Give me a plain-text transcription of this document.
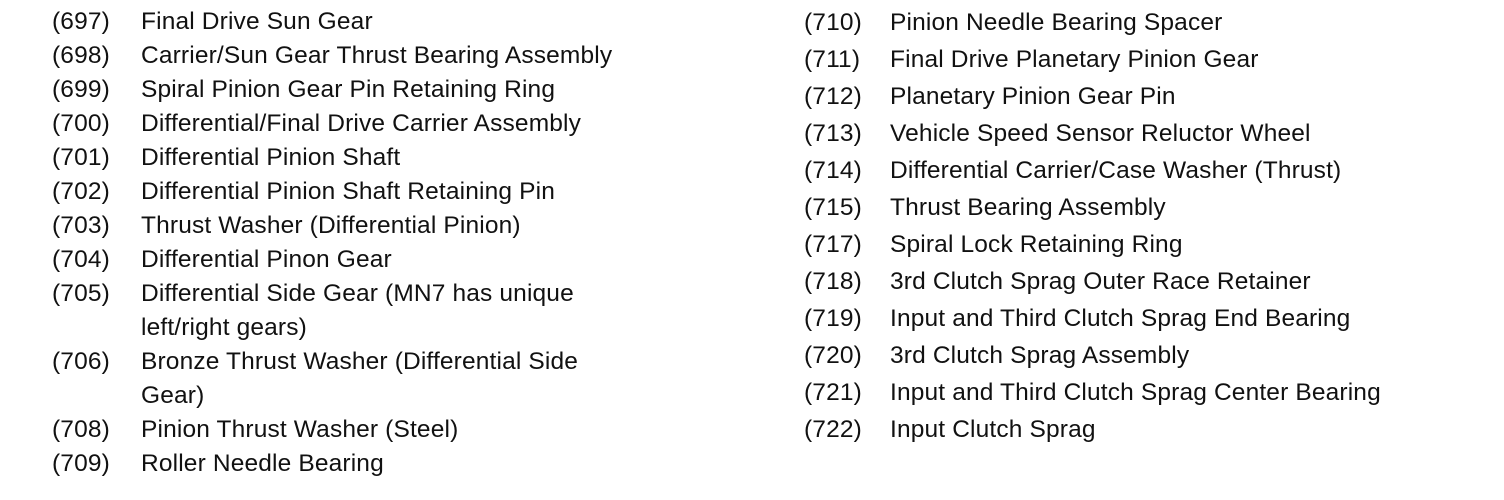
(697)	Final Drive Sun Gear
(698)	Carrier/Sun Gear Thrust Bearing Assembly
(699)	Spiral Pinion Gear Pin Retaining Ring
(700)	Differential/Final Drive Carrier Assembly
(701)	Differential Pinion Shaft
(702)	Differential Pinion Shaft Retaining Pin
(703)	Thrust Washer (Differential Pinion)
(704)	Differential Pinon Gear
(705)	Differential Side Gear (MN7 has unique left/right gears)
(706)	Bronze Thrust Washer (Differential Side Gear)
(708)	Pinion Thrust Washer (Steel)
(709)	Roller Needle Bearing
(710)	Pinion Needle Bearing Spacer
(711)	Final Drive Planetary Pinion Gear
(712)	Planetary Pinion Gear Pin
(713)	Vehicle Speed Sensor Reluctor Wheel
(714)	Differential Carrier/Case Washer (Thrust)
(715)	Thrust Bearing Assembly
(717)	Spiral Lock Retaining Ring
(718)	3rd Clutch Sprag Outer Race Retainer
(719)	Input and Third Clutch Sprag End Bearing
(720)	3rd Clutch Sprag Assembly
(721)	Input and Third Clutch Sprag Center Bearing
(722)	Input Clutch Sprag
